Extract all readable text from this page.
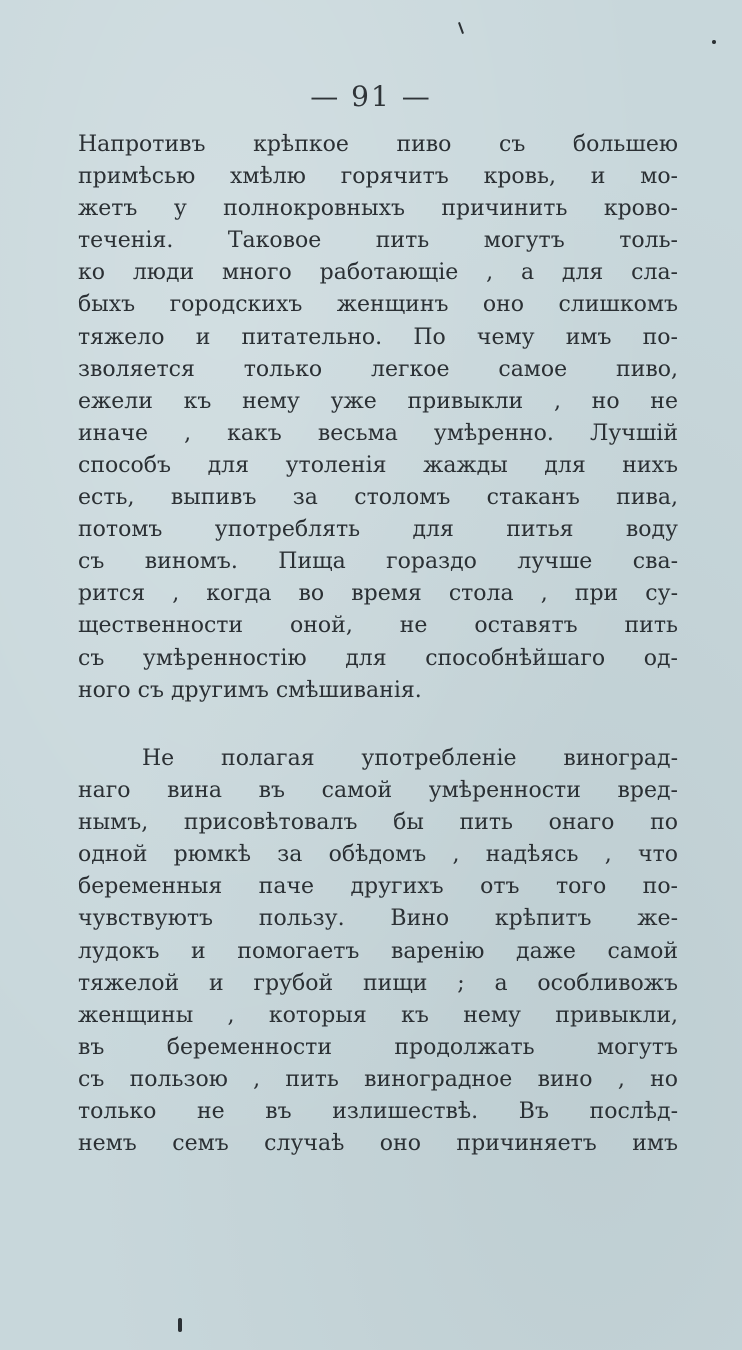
— 91 —
Напротивъ крѣпкое пиво съ большею
примѣсью хмѣлю горячитъ кровь, и мо-
жетъ у полнокровныхъ причинить крово-
теченія. Таковое пить могутъ толь-
ко люди много работающіе , а для сла-
быхъ городскихъ женщинъ оно слишкомъ
тяжело и питательно. По чему имъ по-
зволяется только легкое самое пиво,
ежели къ нему уже привыкли , но не
иначе , какъ весьма умѣренно. Лучшій
способъ для утоленія жажды для нихъ
есть, выпивъ за столомъ стаканъ пива,
потомъ употреблять для питья воду
съ виномъ. Пища гораздо лучше сва-
рится , когда во время стола , при су-
щественности оной, не оставятъ пить
съ умѣренностію для способнѣйшаго од-
ного съ другимъ смѣшиванія.
Не полагая употребленіе виноград-
наго вина въ самой умѣренности вред-
нымъ, присовѣтовалъ бы пить онаго по
одной рюмкѣ за обѣдомъ , надѣясь , что
беременныя паче другихъ отъ того по-
чувствуютъ пользу. Вино крѣпитъ же-
лудокъ и помогаетъ варенію даже самой
тяжелой и грубой пищи ; а особливожъ
женщины , которыя къ нему привыкли,
въ беременности продолжать могутъ
съ пользою , пить виноградное вино , но
только не въ излишествѣ. Въ послѣд-
немъ семъ случаѣ оно причиняетъ имъ
